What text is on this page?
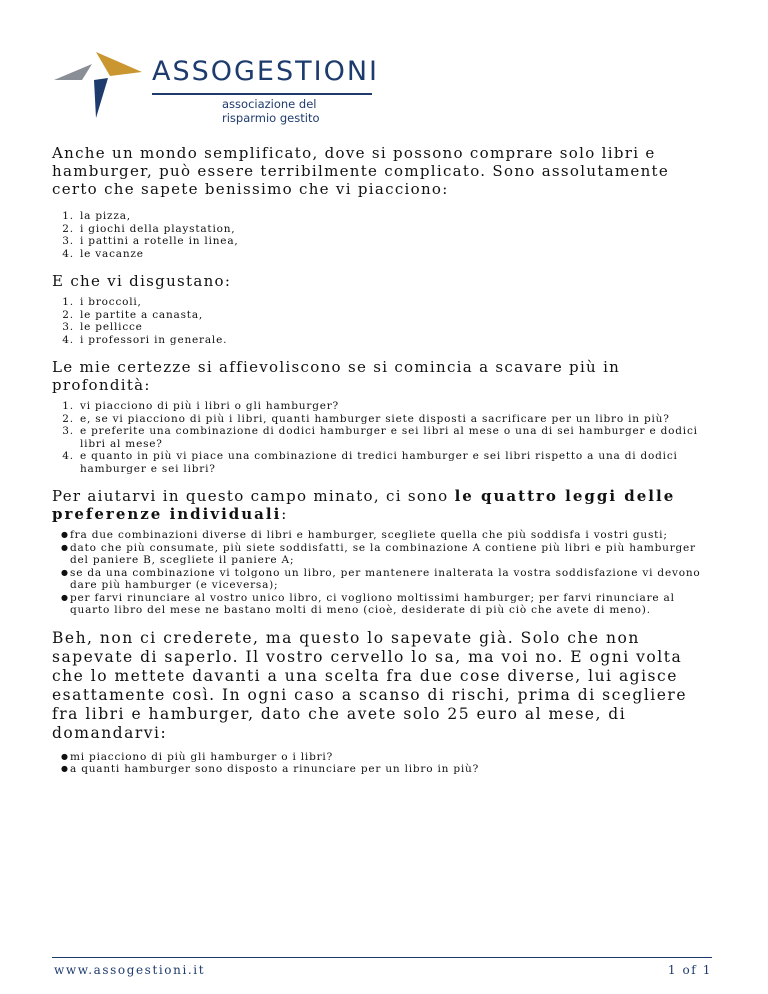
ASSOGESTIONI
associazione del risparmio gestito

Anche un mondo semplificato, dove si possono comprare solo libri e hamburger, può essere terribilmente complicato. Sono assolutamente certo che sapete benissimo che vi piacciono:

1. la pizza,
2. i giochi della playstation,
3. i pattini a rotelle in linea,
4. le vacanze
E che vi disgustano:
1. i broccoli,
2. le partite a canasta,
3. le pellicce
4. i professori in generale.
Le mie certezze si affievoliscono se si comincia a scavare più in profondità:
1. vi piacciono di più i libri o gli hamburger?
2. e, se vi piacciono di più i libri, quanti hamburger siete disposti a sacrificare per un libro in più?
3. e preferite una combinazione di dodici hamburger e sei libri al mese o una di sei hamburger e dodici libri al mese?
4. e quanto in più vi piace una combinazione di tredici hamburger e sei libri rispetto a una di dodici hamburger e sei libri?
Per aiutarvi in questo campo minato, ci sono le quattro leggi delle preferenze individuali:
● fra due combinazioni diverse di libri e hamburger, scegliete quella che più soddisfa i vostri gusti;
● dato che più consumate, più siete soddisfatti, se la combinazione A contiene più libri e più hamburger del paniere B, scegliete il paniere A;
● se da una combinazione vi tolgono un libro, per mantenere inalterata la vostra soddisfazione vi devono dare più hamburger (e viceversa);
● per farvi rinunciare al vostro unico libro, ci vogliono moltissimi hamburger; per farvi rinunciare al quarto libro del mese ne bastano molti di meno (cioè, desiderate di più ciò che avete di meno).

Beh, non ci crederete, ma questo lo sapevate già. Solo che non sapevate di saperlo. Il vostro cervello lo sa, ma voi no. E ogni volta che lo mettete davanti a una scelta fra due cose diverse, lui agisce esattamente così. In ogni caso a scanso di rischi, prima di scegliere fra libri e hamburger, dato che avete solo 25 euro al mese, di domandarvi:

● mi piacciono di più gli hamburger o i libri?
● a quanti hamburger sono disposto a rinunciare per un libro in più?
www.assogestioni.it	1 of 1
